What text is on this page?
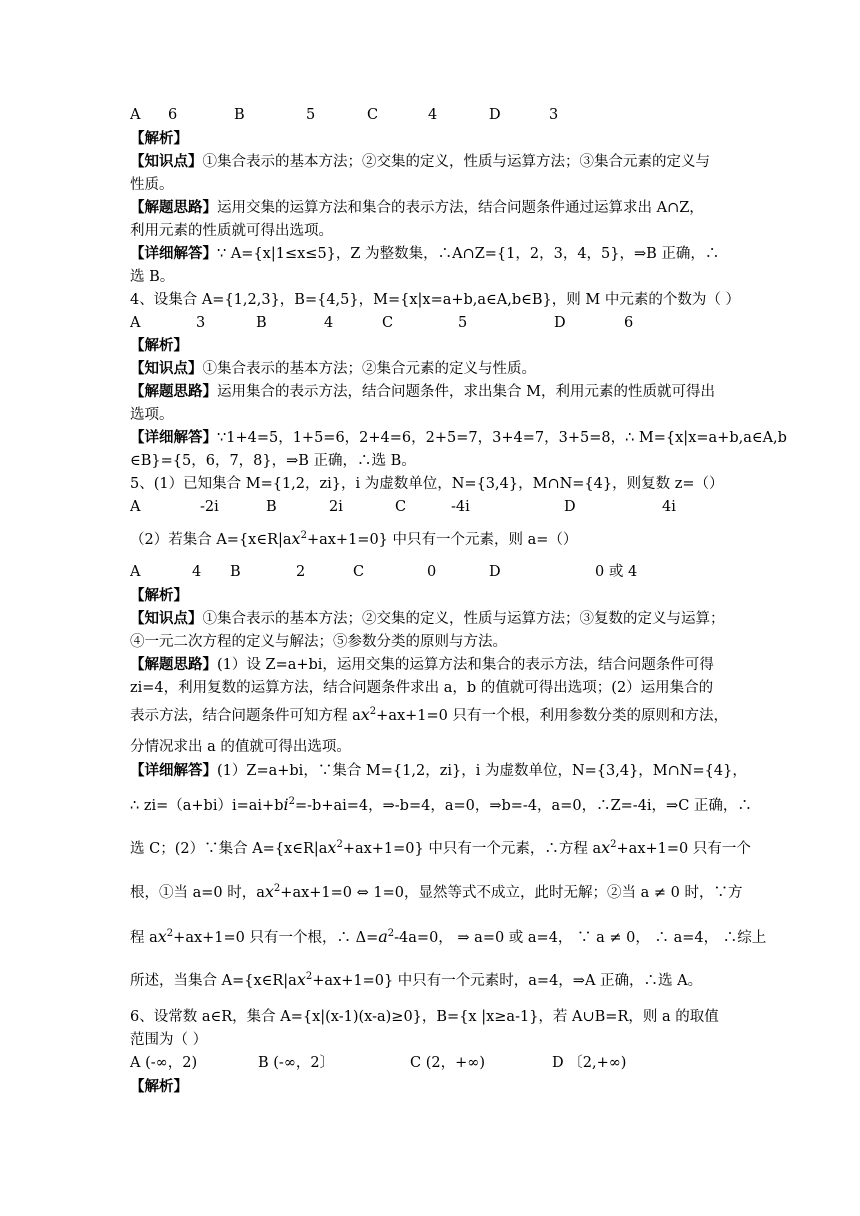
A 6	B	5	C	4	D	3
【解析】
【知识点】①集合表示的基本方法；②交集的定义，性质与运算方法；③集合元素的定义与
性质。
【解题思路】运用交集的运算方法和集合的表示方法，结合问题条件通过运算求出 A∩Z，
利用元素的性质就可得出选项。
【详细解答】∵ A={x|1≤x≤5}，Z 为整数集，∴A∩Z={1，2，3，4，5}，⇒B 正确，∴
选 B。
4、设集合 A={1,2,3}，B={4,5}，M={x|x=a+b,a∈A,b∈B}，则 M 中元素的个数为（ ）
A	3	B	4	C	5	D	6
【解析】
【知识点】①集合表示的基本方法；②集合元素的定义与性质。
【解题思路】运用集合的表示方法，结合问题条件，求出集合 M，利用元素的性质就可得出
选项。
【详细解答】∵1+4=5，1+5=6，2+4=6，2+5=7，3+4=7，3+5=8，∴ M={x|x=a+b,a∈A,b
∈B}={5，6，7，8}，⇒B 正确，∴选 B。
5、(1）已知集合 M={1,2，zi}，i 为虚数单位，N={3,4}，M∩N={4}，则复数 z=（）
A	-2i	B	2i	C	-4i	D	4i
（2）若集合 $A=\{x\in R|ax^2+ax+1=0\}$ 中只有一个元素，则 a=（）
A	4 B	2	C	0	D	0 或 4
【解析】
【知识点】①集合表示的基本方法；②交集的定义，性质与运算方法；③复数的定义与运算；
④一元二次方程的定义与解法；⑤参数分类的原则与方法。
【解题思路】(1）设 Z=a+bi，运用交集的运算方法和集合的表示方法，结合问题条件可得
zi=4，利用复数的运算方法，结合问题条件求出 a，b 的值就可得出选项；(2）运用集合的
表示方法，结合问题条件可知方程 $ax^2+ax+1=0$ 只有一个根，利用参数分类的原则和方法，
分情况求出 a 的值就可得出选项。
【详细解答】(1）Z=a+bi，∵集合 M={1,2，zi}，i 为虚数单位，N={3,4}，M∩N={4}，
∴ $zi=(a+bi)i=ai+bi^2=-b+ai=4$，⇒-b=4，a=0，⇒b=-4，a=0，∴Z=-4i，⇒C 正确，∴
选 C；(2）∵集合 $A=\{x\in R|ax^2+ax+1=0\}$ 中只有一个元素，∴方程 $ax^2+ax+1=0$ 只有一个
根，①当 a=0 时，$ax^2+ax+1=0$ ⇔ 1=0，显然等式不成立，此时无解；②当 a ≠ 0 时，∵方
程 $ax^2+ax+1=0$ 只有一个根，∴ $\Delta=a^2-4a=0$， ⇒ a=0 或 a=4， ∵ a ≠ 0， ∴ a=4， ∴综上
所述，当集合 $A=\{x\in R|ax^2+ax+1=0\}$ 中只有一个元素时，a=4，⇒A 正确，∴选 A。
6、设常数 a∈R，集合 A={x|(x-1)(x-a)≥0}，B={x |x≥a-1}，若 A∪B=R，则 a 的取值
范围为（ ）
A (-∞，2)	B (-∞，2〕	C (2，+∞)	D 〔2,+∞)
【解析】
